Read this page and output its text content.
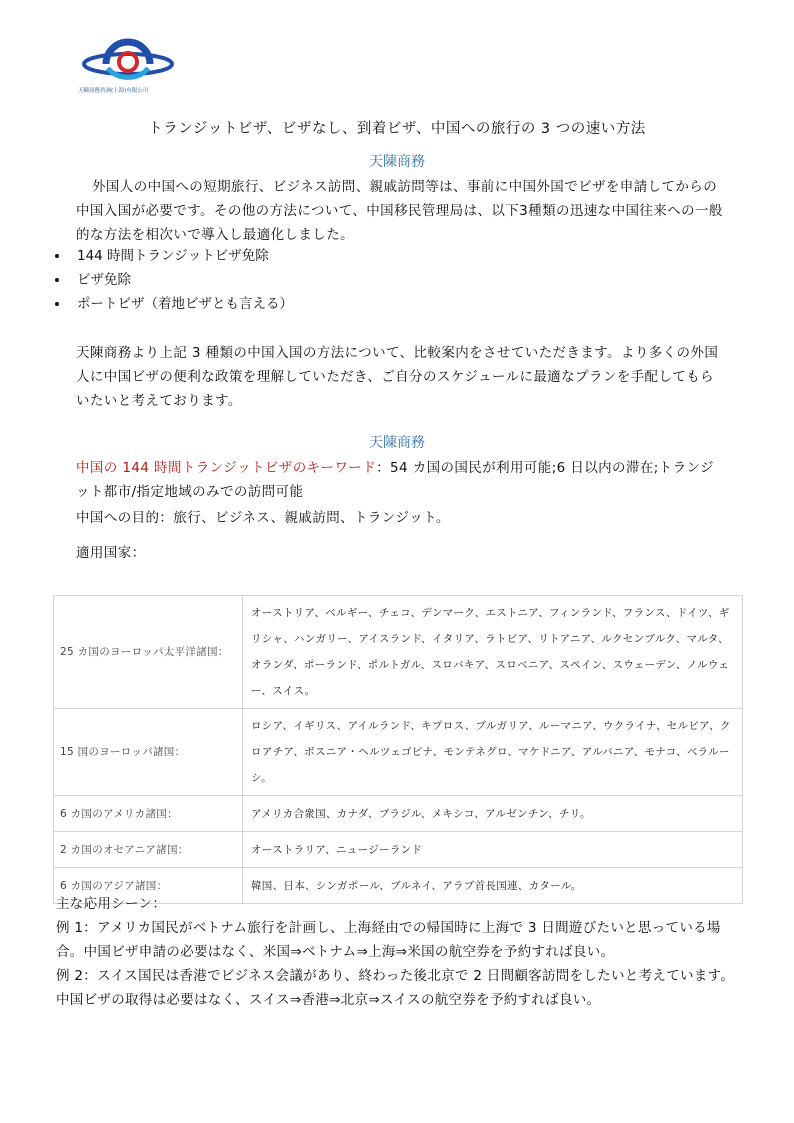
天陳商務咨詢(上海)有限公司
トランジットビザ、ビザなし、到着ビザ、中国への旅行の 3 つの速い方法
天陳商務
外国人の中国への短期旅行、ビジネス訪問、親戚訪問等は、事前に中国外国でビザを申請してからの中国入国が必要です。その他の方法について、中国移民管理局は、以下3種類の迅速な中国往来への一般的な方法を相次いで導入し最適化しました。
144 時間トランジットビザ免除
ビザ免除
ポートビザ（着地ビザとも言える）
天陳商務より上記 3 種類の中国入国の方法について、比較案内をさせていただきます。より多くの外国人に中国ビザの便利な政策を理解していただき、ご自分のスケジュールに最適なプランを手配してもらいたいと考えております。
天陳商務
中国の 144 時間トランジットビザのキーワード：54 カ国の国民が利用可能;6 日以内の滞在;トランジット都市/指定地域のみでの訪問可能
中国への目的：旅行、ビジネス、親戚訪問、トランジット。
適用国家：
25 カ国のヨーロッパ太平洋諸国：	オーストリア、ベルギー、チェコ、デンマーク、エストニア、フィンランド、フランス、ドイツ、ギリシャ、ハンガリー、アイスランド、イタリア、ラトビア、リトアニア、ルクセンブルク、マルタ、オランダ、ポーランド、ポルトガル、スロバキア、スロベニア、スペイン、スウェーデン、ノルウェー、スイス。
15 国のヨーロッパ諸国：	ロシア、イギリス、アイルランド、キプロス、ブルガリア、ルーマニア、ウクライナ、セルビア、クロアチア、ボスニア・ヘルツェゴビナ、モンテネグロ、マケドニア、アルバニア、モナコ、ベラルーシ。
6 カ国のアメリカ諸国：	アメリカ合衆国、カナダ、ブラジル、メキシコ、アルゼンチン、チリ。
2 カ国のオセアニア諸国：	オーストラリア、ニュージーランド
6 カ国のアジア諸国：	韓国、日本、シンガポール、ブルネイ、アラブ首長国連、カタール。
主な応用シーン：
例 1：アメリカ国民がベトナム旅行を計画し、上海経由での帰国時に上海で 3 日間遊びたいと思っている場合。中国ビザ申請の必要はなく、米国⇒ベトナム⇒上海⇒米国の航空券を予約すれば良い。
例 2：スイス国民は香港でビジネス会議があり、終わった後北京で 2 日間顧客訪問をしたいと考えています。中国ビザの取得は必要はなく、スイス⇒香港⇒北京⇒スイスの航空券を予約すれば良い。
